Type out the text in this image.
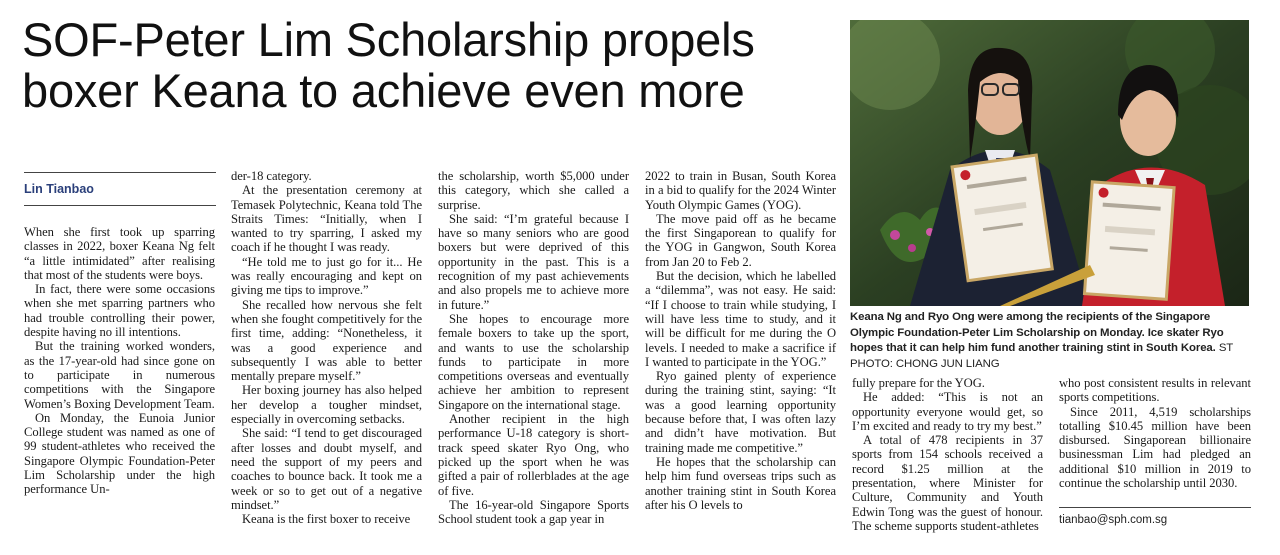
SOF-Peter Lim Scholarship propels
boxer Keana to achieve even more
Lin Tianbao

When she first took up sparring classes in 2022, boxer Keana Ng felt “a little intimidated” after realising that most of the students were boys.

In fact, there were some occasions when she met sparring partners who had trouble controlling their power, despite having no ill intentions.

But the training worked wonders, as the 17-year-old had since gone on to participate in numerous competitions with the Singapore Women’s Boxing Development Team.

On Monday, the Eunoia Junior College student was named as one of 99 student-athletes who received the Singapore Olympic Foundation-Peter Lim Scholarship under the high performance Un-

der-18 category.

At the presentation ceremony at Temasek Polytechnic, Keana told The Straits Times: “Initially, when I wanted to try sparring, I asked my coach if he thought I was ready.

“He told me to just go for it... He was really encouraging and kept on giving me tips to improve.”

She recalled how nervous she felt when she fought competitively for the first time, adding: “Nonetheless, it was a good experience and subsequently I was able to better mentally prepare myself.”

Her boxing journey has also helped her develop a tougher mindset, especially in overcoming setbacks.

She said: “I tend to get discouraged after losses and doubt myself, and need the support of my peers and coaches to bounce back. It took me a week or so to get out of a negative mindset.”

Keana is the first boxer to receive

the scholarship, worth $5,000 under this category, which she called a surprise.

She said: “I’m grateful because I have so many seniors who are good boxers but were deprived of this opportunity in the past. This is a recognition of my past achievements and also propels me to achieve more in future.”

She hopes to encourage more female boxers to take up the sport, and wants to use the scholarship funds to participate in more competitions overseas and eventually achieve her ambition to represent Singapore on the international stage.

Another recipient in the high performance U-18 category is short-track speed skater Ryo Ong, who picked up the sport when he was gifted a pair of rollerblades at the age of five.

The 16-year-old Singapore Sports School student took a gap year in

2022 to train in Busan, South Korea in a bid to qualify for the 2024 Winter Youth Olympic Games (YOG).

The move paid off as he became the first Singaporean to qualify for the YOG in Gangwon, South Korea from Jan 20 to Feb 2.

But the decision, which he labelled a “dilemma”, was not easy. He said: “If I choose to train while studying, I will have less time to study, and it will be difficult for me during the O levels. I needed to make a sacrifice if I wanted to participate in the YOG.”

Ryo gained plenty of experience during the training stint, saying: “It was a good learning opportunity because before that, I was often lazy and didn’t have motivation. But training made me competitive.”

He hopes that the scholarship can help him fund overseas trips such as another training stint in South Korea after his O levels to

Keana Ng and Ryo Ong were among the recipients of the Singapore Olympic Foundation-Peter Lim Scholarship on Monday. Ice skater Ryo hopes that it can help him fund another training stint in South Korea. ST PHOTO: CHONG JUN LIANG

fully prepare for the YOG.

He added: “This is not an opportunity everyone would get, so I’m excited and ready to try my best.”

A total of 478 recipients in 37 sports from 154 schools received a record $1.25 million at the presentation, where Minister for Culture, Community and Youth Edwin Tong was the guest of honour. The scheme supports student-athletes

who post consistent results in relevant sports competitions.

Since 2011, 4,519 scholarships totalling $10.45 million have been disbursed. Singaporean billionaire businessman Lim had pledged an additional $10 million in 2019 to continue the scholarship until 2030.

tianbao@sph.com.sg
